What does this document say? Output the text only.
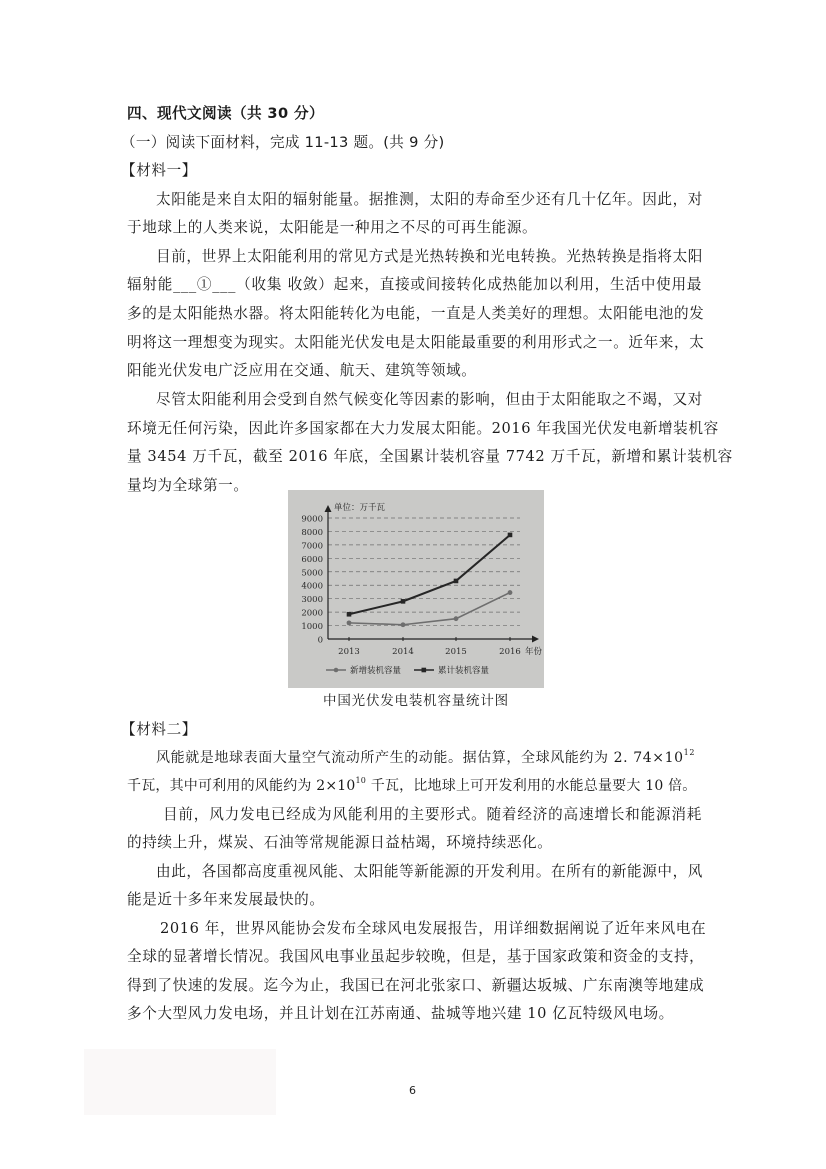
四、现代文阅读（共 30 分）
（一）阅读下面材料，完成 11-13 题。(共 9 分)
【材料一】
太阳能是来自太阳的辐射能量。据推测，太阳的寿命至少还有几十亿年。因此，对
于地球上的人类来说，太阳能是一种用之不尽的可再生能源。
目前，世界上太阳能利用的常见方式是光热转换和光电转换。光热转换是指将太阳
辐射能___①___（收集 收敛）起来，直接或间接转化成热能加以利用，生活中使用最
多的是太阳能热水器。将太阳能转化为电能，一直是人类美好的理想。太阳能电池的发
明将这一理想变为现实。太阳能光伏发电是太阳能最重要的利用形式之一。近年来，太
阳能光伏发电广泛应用在交通、航天、建筑等领域。
尽管太阳能利用会受到自然气候变化等因素的影响，但由于太阳能取之不竭，又对
环境无任何污染，因此许多国家都在大力发展太阳能。2016 年我国光伏发电新增装机容
量 3454 万千瓦，截至 2016 年底，全国累计装机容量 7742 万千瓦，新增和累计装机容
0
1000
2000
3000
4000
5000
6000
7000
8000
9000
单位：万千瓦
年份
2013	2014	2015	2016
新增装机容量	累计装机容量
中国光伏发电装机容量统计图
【材料二】
风能就是地球表面大量空气流动所产生的动能。据估算，全球风能约为 2. $74\times 10^{12}$
千瓦，其中可利用的风能约为 $2\times 10^{10}$ 千瓦，比地球上可开发利用的水能总量要大 10 倍。
目前，风力发电已经成为风能利用的主要形式。随着经济的高速增长和能源消耗
的持续上升，煤炭、石油等常规能源日益枯竭，环境持续恶化。
由此，各国都高度重视风能、太阳能等新能源的开发利用。在所有的新能源中，风
能是近十多年来发展最快的。
2016 年，世界风能协会发布全球风电发展报告，用详细数据阐说了近年来风电在
全球的显著增长情况。我国风电事业虽起步较晚，但是，基于国家政策和资金的支持，
得到了快速的发展。迄今为止，我国已在河北张家口、新疆达坂城、广东南澳等地建成
多个大型风力发电场，并且计划在江苏南通、盐城等地兴建 10 亿瓦特级风电场。
6
量均为全球第一。
